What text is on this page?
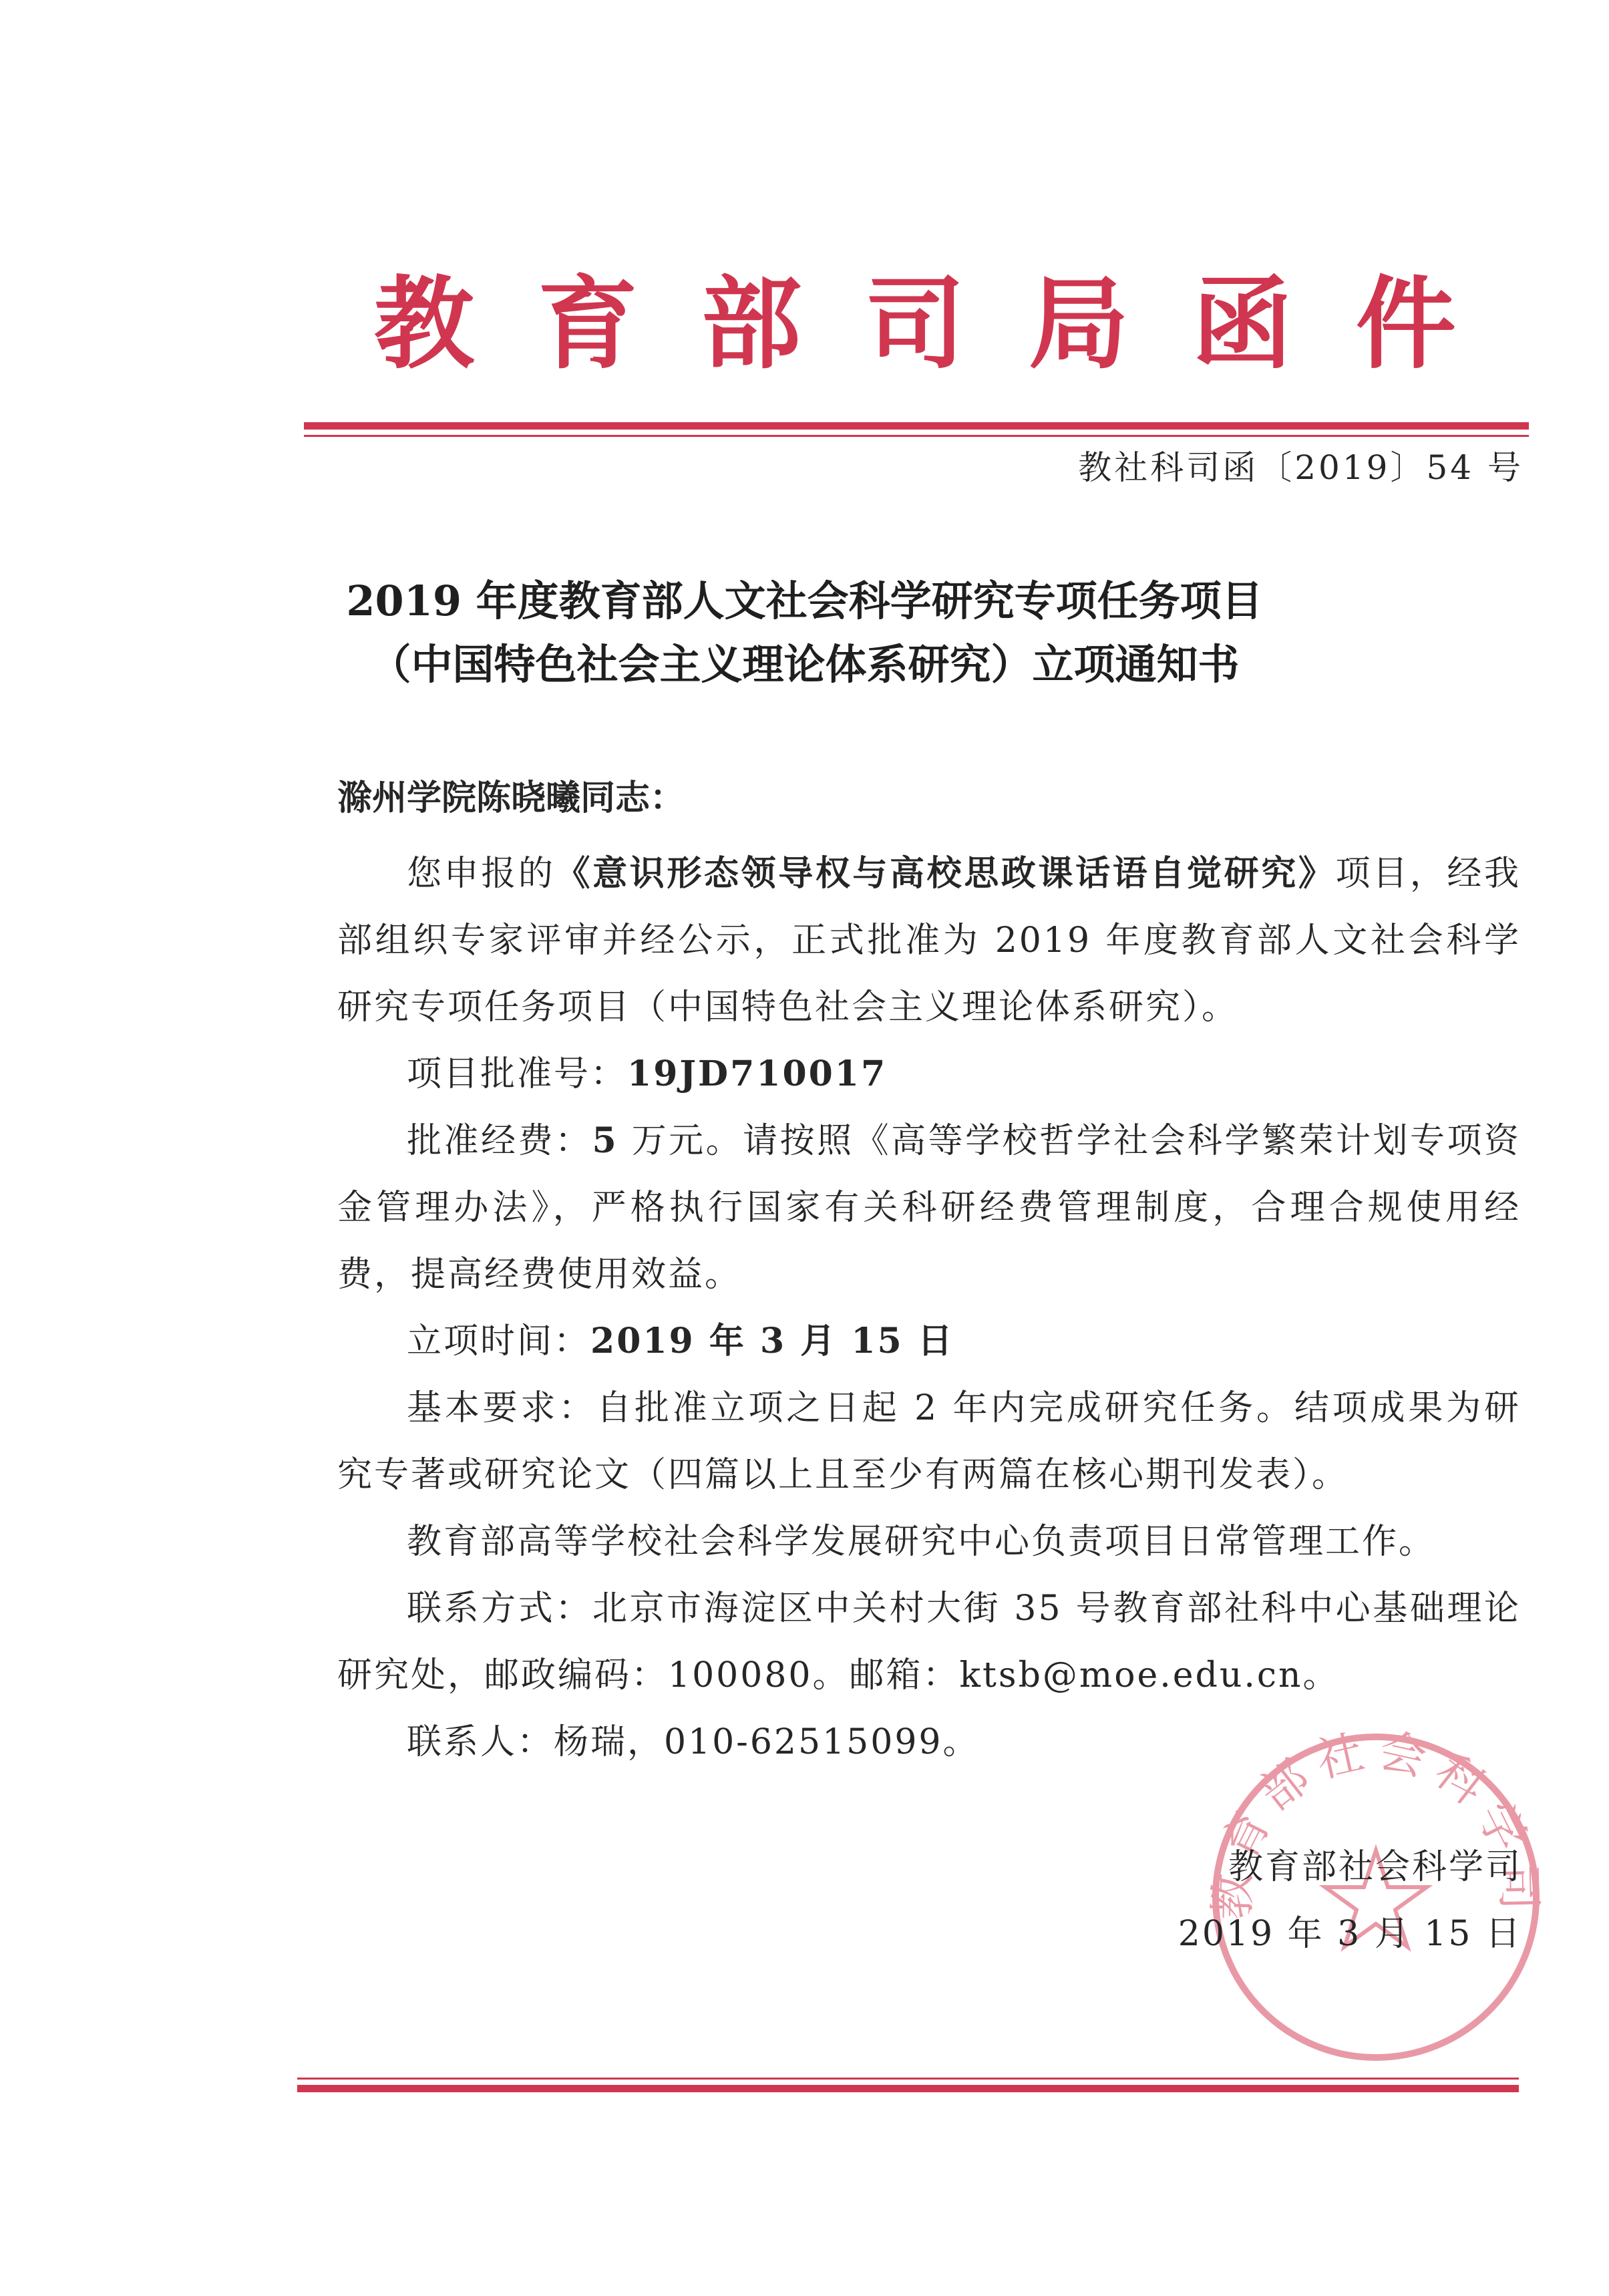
教 育 部 司 局 函 件
教社科司函〔2019〕54 号
2019 年度教育部人文社会科学研究专项任务项目
（中国特色社会主义理论体系研究）立项通知书
滁州学院陈晓曦同志：
您申报的《意识形态领导权与高校思政课话语自觉研究》项目，经我部组织专家评审并经公示，正式批准为 2019 年度教育部人文社会科学研究专项任务项目（中国特色社会主义理论体系研究）。
项目批准号：19JD710017
批准经费：5 万元。请按照《高等学校哲学社会科学繁荣计划专项资金管理办法》，严格执行国家有关科研经费管理制度，合理合规使用经费，提高经费使用效益。
立项时间：2019 年 3 月 15 日
基本要求：自批准立项之日起 2 年内完成研究任务。结项成果为研究专著或研究论文（四篇以上且至少有两篇在核心期刊发表）。
教育部高等学校社会科学发展研究中心负责项目日常管理工作。
联系方式：北京市海淀区中关村大街 35 号教育部社科中心基础理论研究处，邮政编码：100080。邮箱：ktsb@moe.edu.cn。
联系人：杨瑞，010-62515099。
教育部社会科学司
教育部社会科学司
2019 年 3 月 15 日
